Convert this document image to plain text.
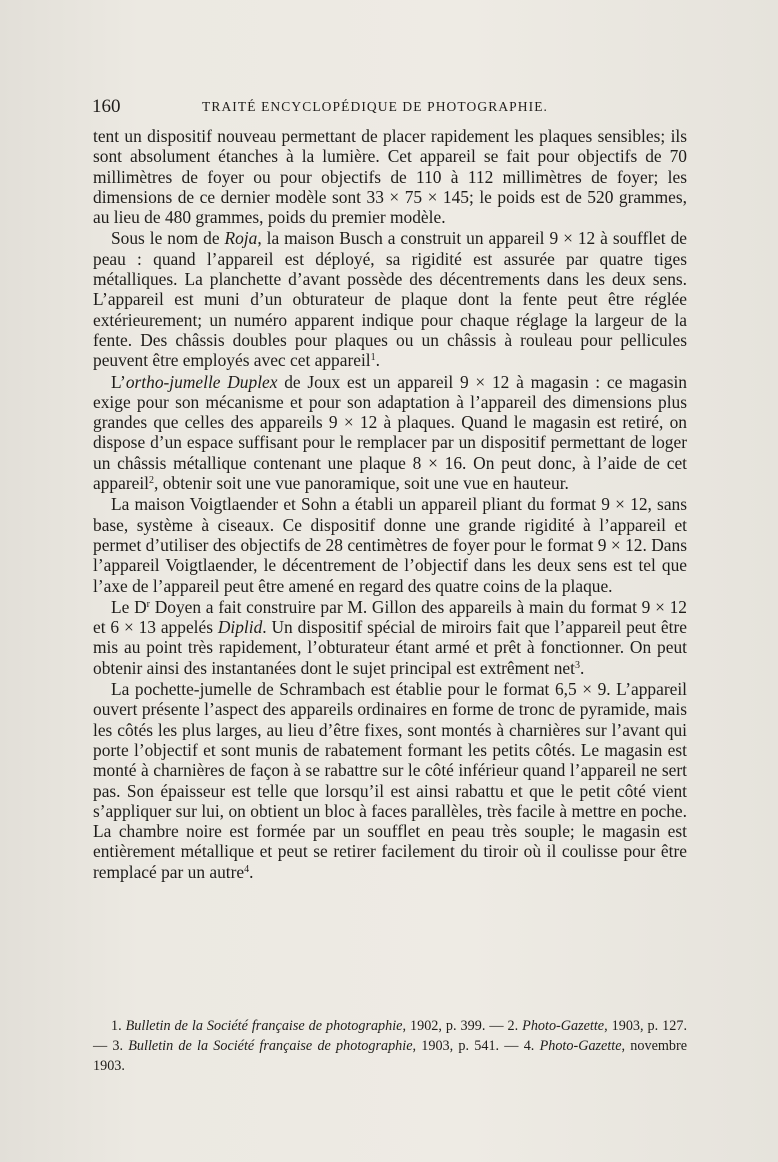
160	TRAITÉ ENCYCLOPÉDIQUE DE PHOTOGRAPHIE.

tent un dispositif nouveau permettant de placer rapidement les plaques sensibles; ils sont absolument étanches à la lumière. Cet appareil se fait pour objectifs de 70 millimètres de foyer ou pour objectifs de 110 à 112 millimètres de foyer; les dimensions de ce dernier modèle sont 33 × 75 × 145; le poids est de 520 grammes, au lieu de 480 grammes, poids du premier modèle.

Sous le nom de Roja, la maison Busch a construit un appareil 9 × 12 à soufflet de peau : quand l’appareil est déployé, sa rigidité est assurée par quatre tiges métalliques. La planchette d’avant possède des décentrements dans les deux sens. L’appareil est muni d’un obturateur de plaque dont la fente peut être réglée extérieurement; un numéro apparent indique pour chaque réglage la largeur de la fente. Des châssis doubles pour plaques ou un châssis à rouleau pour pellicules peuvent être employés avec cet appareil$^1$.

L’ortho-jumelle Duplex de Joux est un appareil 9 × 12 à magasin : ce magasin exige pour son mécanisme et pour son adaptation à l’appareil des dimensions plus grandes que celles des appareils 9 × 12 à plaques. Quand le magasin est retiré, on dispose d’un espace suffisant pour le remplacer par un dispositif permettant de loger un châssis métallique contenant une plaque 8 × 16. On peut donc, à l’aide de cet appareil$^2$, obtenir soit une vue panoramique, soit une vue en hauteur.

La maison Voigtlaender et Sohn a établi un appareil pliant du format 9 × 12, sans base, système à ciseaux. Ce dispositif donne une grande rigidité à l’appareil et permet d’utiliser des objectifs de 28 centimètres de foyer pour le format 9 × 12. Dans l’appareil Voigtlaender, le décentrement de l’objectif dans les deux sens est tel que l’axe de l’appareil peut être amené en regard des quatre coins de la plaque.

Le $D^r$ Doyen a fait construire par M. Gillon des appareils à main du format 9 × 12 et 6 × 13 appelés Diplid. Un dispositif spécial de miroirs fait que l’appareil peut être mis au point très rapidement, l’obturateur étant armé et prêt à fonctionner. On peut obtenir ainsi des instantanées dont le sujet principal est extrêment net$^3$.

La pochette-jumelle de Schrambach est établie pour le format 6,5 × 9. L’appareil ouvert présente l’aspect des appareils ordinaires en forme de tronc de pyramide, mais les côtés les plus larges, au lieu d’être fixes, sont montés à charnières sur l’avant qui porte l’objectif et sont munis de rabatement formant les petits côtés. Le magasin est monté à charnières de façon à se rabattre sur le côté inférieur quand l’appareil ne sert pas. Son épaisseur est telle que lorsqu’il est ainsi rabattu et que le petit côté vient s’appliquer sur lui, on obtient un bloc à faces parallèles, très facile à mettre en poche. La chambre noire est formée par un soufflet en peau très souple; le magasin est entièrement métallique et peut se retirer facilement du tiroir où il coulisse pour être remplacé par un autre$^4$.

1. Bulletin de la Société française de photographie, 1902, p. 399. — 2. Photo-Gazette, 1903, p. 127. — 3. Bulletin de la Société française de photographie, 1903, p. 541. — 4. Photo-Gazette, novembre 1903.
